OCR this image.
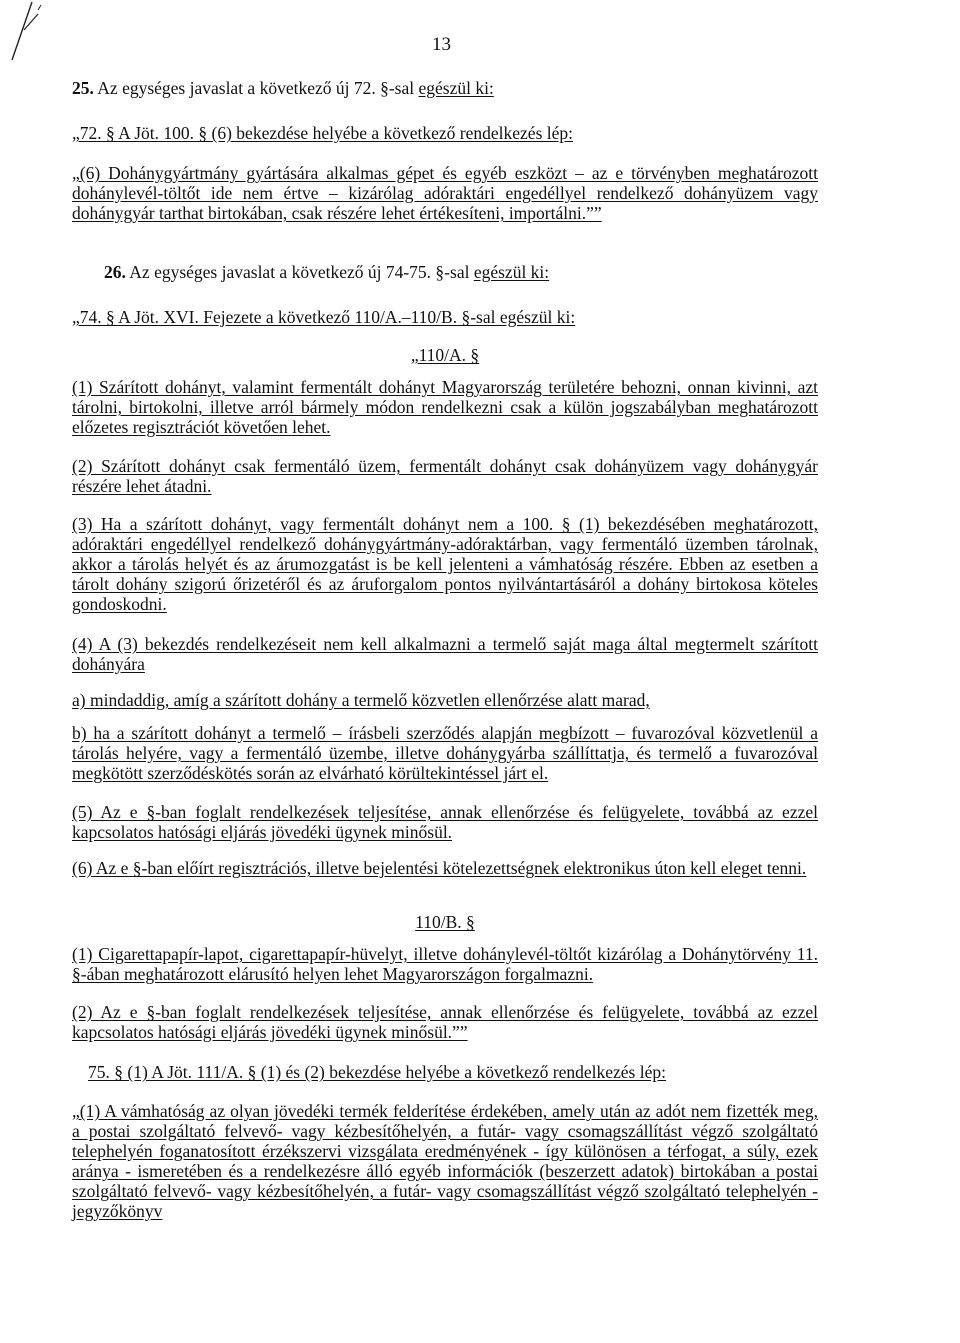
13
25. Az egységes javaslat a következő új 72. §-sal egészül ki:
„72. § A Jöt. 100. § (6) bekezdése helyébe a következő rendelkezés lép:
„(6) Dohánygyártmány gyártására alkalmas gépet és egyéb eszközt – az e törvényben meghatározott dohánylevél-töltőt ide nem értve – kizárólag adóraktári engedéllyel rendelkező dohányüzem vagy dohánygyár tarthat birtokában, csak részére lehet értékesíteni, importálni.””
26. Az egységes javaslat a következő új 74-75. §-sal egészül ki:
„74. § A Jöt. XVI. Fejezete a következő 110/A.–110/B. §-sal egészül ki:
„110/A. §
(1) Szárított dohányt, valamint fermentált dohányt Magyarország területére behozni, onnan kivinni, azt tárolni, birtokolni, illetve arról bármely módon rendelkezni csak a külön jogszabályban meghatározott előzetes regisztrációt követően lehet.
(2) Szárított dohányt csak fermentáló üzem, fermentált dohányt csak dohányüzem vagy dohánygyár részére lehet átadni.
(3) Ha a szárított dohányt, vagy fermentált dohányt nem a 100. § (1) bekezdésében meghatározott, adóraktári engedéllyel rendelkező dohánygyártmány-adóraktárban, vagy fermentáló üzemben tárolnak, akkor a tárolás helyét és az árumozgatást is be kell jelenteni a vámhatóság részére. Ebben az esetben a tárolt dohány szigorú őrizetéről és az áruforgalom pontos nyilvántartásáról a dohány birtokosa köteles gondoskodni.
(4) A (3) bekezdés rendelkezéseit nem kell alkalmazni a termelő saját maga által megtermelt szárított dohányára
a) mindaddig, amíg a szárított dohány a termelő közvetlen ellenőrzése alatt marad,
b) ha a szárított dohányt a termelő – írásbeli szerződés alapján megbízott – fuvarozóval közvetlenül a tárolás helyére, vagy a fermentáló üzembe, illetve dohánygyárba szállíttatja, és termelő a fuvarozóval megkötött szerződéskötés során az elvárható körültekintéssel járt el.
(5) Az e §-ban foglalt rendelkezések teljesítése, annak ellenőrzése és felügyelete, továbbá az ezzel kapcsolatos hatósági eljárás jövedéki ügynek minősül.
(6) Az e §-ban előírt regisztrációs, illetve bejelentési kötelezettségnek elektronikus úton kell eleget tenni.
110/B. §
(1) Cigarettapapír-lapot, cigarettapapír-hüvelyt, illetve dohánylevél-töltőt kizárólag a Dohánytörvény 11. §-ában meghatározott elárusító helyen lehet Magyarországon forgalmazni.
(2) Az e §-ban foglalt rendelkezések teljesítése, annak ellenőrzése és felügyelete, továbbá az ezzel kapcsolatos hatósági eljárás jövedéki ügynek minősül.””
75. § (1) A Jöt. 111/A. § (1) és (2) bekezdése helyébe a következő rendelkezés lép:
„(1) A vámhatóság az olyan jövedéki termék felderítése érdekében, amely után az adót nem fizették meg, a postai szolgáltató felvevő- vagy kézbesítőhelyén, a futár- vagy csomagszállítást végző szolgáltató telephelyén foganatosított érzékszervi vizsgálata eredményének - így különösen a térfogat, a súly, ezek aránya - ismeretében és a rendelkezésre álló egyéb információk (beszerzett adatok) birtokában a postai szolgáltató felvevő- vagy kézbesítőhelyén, a futár- vagy csomagszállítást végző szolgáltató telephelyén - jegyzőkönyv
